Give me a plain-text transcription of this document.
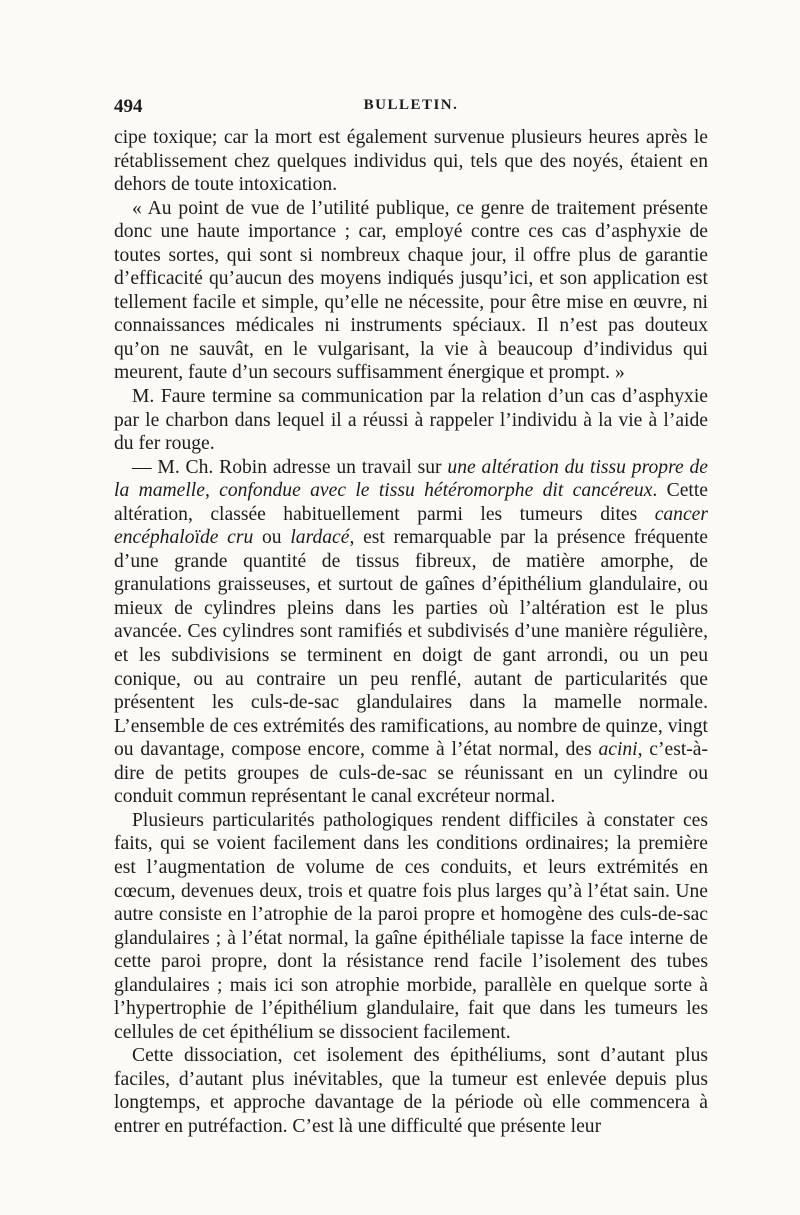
494	BULLETIN.

cipe toxique; car la mort est également survenue plusieurs heures après le rétablissement chez quelques individus qui, tels que des noyés, étaient en dehors de toute intoxication.

« Au point de vue de l’utilité publique, ce genre de traitement présente donc une haute importance ; car, employé contre ces cas d’asphyxie de toutes sortes, qui sont si nombreux chaque jour, il offre plus de garantie d’efficacité qu’aucun des moyens indiqués jusqu’ici, et son application est tellement facile et simple, qu’elle ne nécessite, pour être mise en œuvre, ni connaissances médicales ni instruments spéciaux. Il n’est pas douteux qu’on ne sauvât, en le vulgarisant, la vie à beaucoup d’individus qui meurent, faute d’un secours suffisamment énergique et prompt. »

M. Faure termine sa communication par la relation d’un cas d’asphyxie par le charbon dans lequel il a réussi à rappeler l’individu à la vie à l’aide du fer rouge.

— M. Ch. Robin adresse un travail sur une altération du tissu propre de la mamelle, confondue avec le tissu hétéromorphe dit cancéreux. Cette altération, classée habituellement parmi les tumeurs dites cancer encéphaloïde cru ou lardacé, est remarquable par la présence fréquente d’une grande quantité de tissus fibreux, de matière amorphe, de granulations graisseuses, et surtout de gaînes d’épithélium glandulaire, ou mieux de cylindres pleins dans les parties où l’altération est le plus avancée. Ces cylindres sont ramifiés et subdivisés d’une manière régulière, et les subdivisions se terminent en doigt de gant arrondi, ou un peu conique, ou au contraire un peu renflé, autant de particularités que présentent les culs-de-sac glandulaires dans la mamelle normale. L’ensemble de ces extrémités des ramifications, au nombre de quinze, vingt ou davantage, compose encore, comme à l’état normal, des acini, c’est-à-dire de petits groupes de culs-de-sac se réunissant en un cylindre ou conduit commun représentant le canal excréteur normal.

Plusieurs particularités pathologiques rendent difficiles à constater ces faits, qui se voient facilement dans les conditions ordinaires; la première est l’augmentation de volume de ces conduits, et leurs extrémités en cœcum, devenues deux, trois et quatre fois plus larges qu’à l’état sain. Une autre consiste en l’atrophie de la paroi propre et homogène des culs-de-sac glandulaires ; à l’état normal, la gaîne épithéliale tapisse la face interne de cette paroi propre, dont la résistance rend facile l’isolement des tubes glandulaires ; mais ici son atrophie morbide, parallèle en quelque sorte à l’hypertrophie de l’épithélium glandulaire, fait que dans les tumeurs les cellules de cet épithélium se dissocient facilement.

Cette dissociation, cet isolement des épithéliums, sont d’autant plus faciles, d’autant plus inévitables, que la tumeur est enlevée depuis plus longtemps, et approche davantage de la période où elle commencera à entrer en putréfaction. C’est là une difficulté que présente leur
